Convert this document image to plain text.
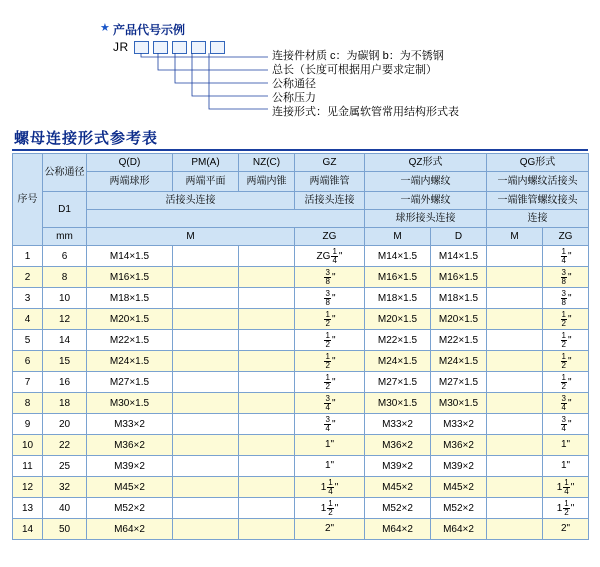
★ 产品代号示例
JR
连接件材质 c：为碳钢 b：为不锈钢
总长（长度可根据用户要求定制）
公称通径
公称压力
连接形式：见金属软管常用结构形式表
螺母连接形式参考表
序号	公称通径	Q(D)	PM(A)	NZ(C)	GZ	QZ形式		QG形式	
		两端球形	两端平面	两端内锥	两端锥管	一端内螺纹		一端内螺纹活接头	
	D1	活接头连接			活接头连接	一端外螺纹		一端锥管螺纹接头	
						球形接头连接		连接	
	mm	M			ZG	M	D	M	ZG
1	6	M14×1.5			ZG $\frac{1}{4}$ "	M14×1.5	M14×1.5		$\frac{1}{4}$ "
2	8	M16×1.5			$\frac{3}{8}$ "	M16×1.5	M16×1.5		$\frac{3}{8}$ "
3	10	M18×1.5			$\frac{3}{8}$ "	M18×1.5	M18×1.5		$\frac{3}{8}$ "
4	12	M20×1.5			$\frac{1}{2}$ "	M20×1.5	M20×1.5		$\frac{1}{2}$ "
5	14	M22×1.5			$\frac{1}{2}$ "	M22×1.5	M22×1.5		$\frac{1}{2}$ "
6	15	M24×1.5			$\frac{1}{2}$ "	M24×1.5	M24×1.5		$\frac{1}{2}$ "
7	16	M27×1.5			$\frac{1}{2}$ "	M27×1.5	M27×1.5		$\frac{1}{2}$ "
8	18	M30×1.5			$\frac{3}{4}$ "	M30×1.5	M30×1.5		$\frac{3}{4}$ "
9	20	M33×2			$\frac{3}{4}$ "	M33×2	M33×2		$\frac{3}{4}$ "
10	22	M36×2			1"	M36×2	M36×2		1"
11	25	M39×2			1"	M39×2	M39×2		1"
12	32	M45×2			$1 \frac{1}{4}$ "	M45×2	M45×2		$1 \frac{1}{4}$ "
13	40	M52×2			$1 \frac{1}{2}$ "	M52×2	M52×2		$1 \frac{1}{2}$ "
14	50	M64×2			2"	M64×2	M64×2		2"
